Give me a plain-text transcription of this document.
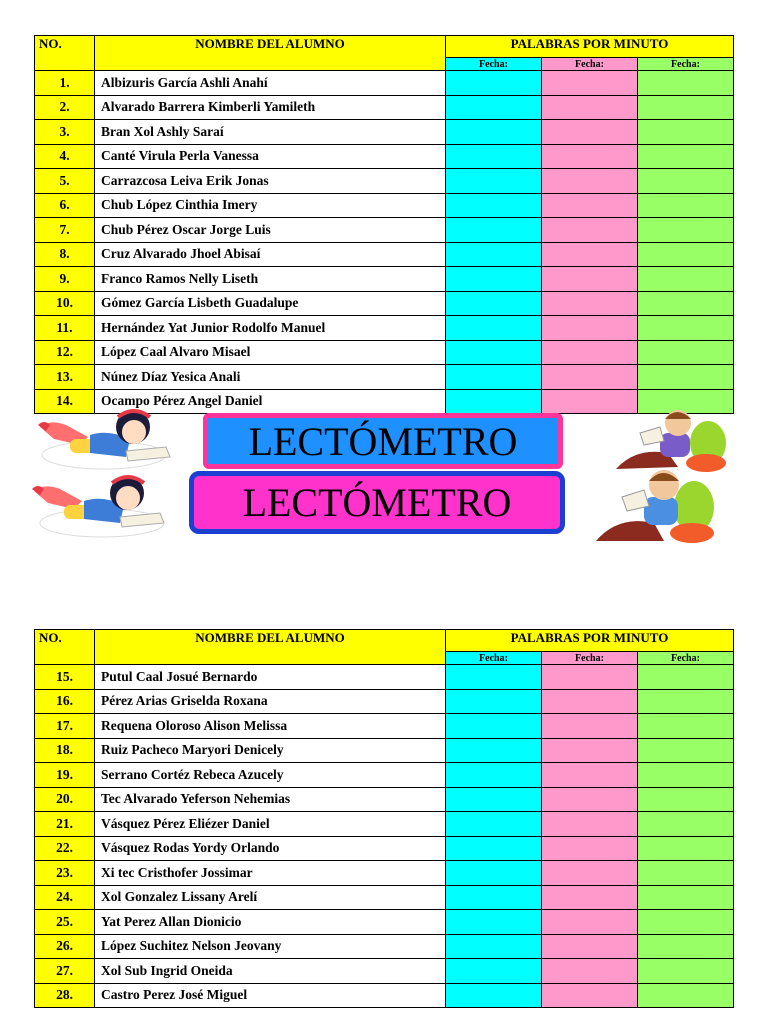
NO.	NOMBRE DEL ALUMNO	PALABRAS POR MINUTO		
		Fecha:	Fecha:	Fecha:
1.	Albizuris García Ashli Anahí			
2.	Alvarado Barrera Kimberli Yamileth			
3.	Bran Xol Ashly Saraí			
4.	Canté Virula Perla Vanessa			
5.	Carrazcosa Leiva Erik Jonas			
6.	Chub López Cinthia Imery			
7.	Chub Pérez Oscar Jorge Luis			
8.	Cruz Alvarado Jhoel Abisaí			
9.	Franco Ramos Nelly Liseth			
10.	Gómez García Lisbeth Guadalupe			
11.	Hernández Yat Junior Rodolfo Manuel			
12.	López Caal Alvaro Misael			
13.	Núnez Díaz Yesica Anali			
14.	Ocampo Pérez Angel Daniel			
LECTÓMETRO
LECTÓMETRO
NO.	NOMBRE DEL ALUMNO	PALABRAS POR MINUTO		
		Fecha:	Fecha:	Fecha:
15.	Putul Caal Josué Bernardo			
16.	Pérez Arias Griselda Roxana			
17.	Requena Oloroso Alison Melissa			
18.	Ruiz Pacheco Maryori Denicely			
19.	Serrano Cortéz Rebeca Azucely			
20.	Tec Alvarado Yeferson Nehemias			
21.	Vásquez Pérez Eliézer Daniel			
22.	Vásquez Rodas Yordy Orlando			
23.	Xi tec Cristhofer Jossimar			
24.	Xol Gonzalez Lissany Arelí			
25.	Yat Perez Allan Dionicio			
26.	López Suchitez Nelson Jeovany			
27.	Xol Sub Ingrid Oneida			
28.	Castro Perez José Miguel			
